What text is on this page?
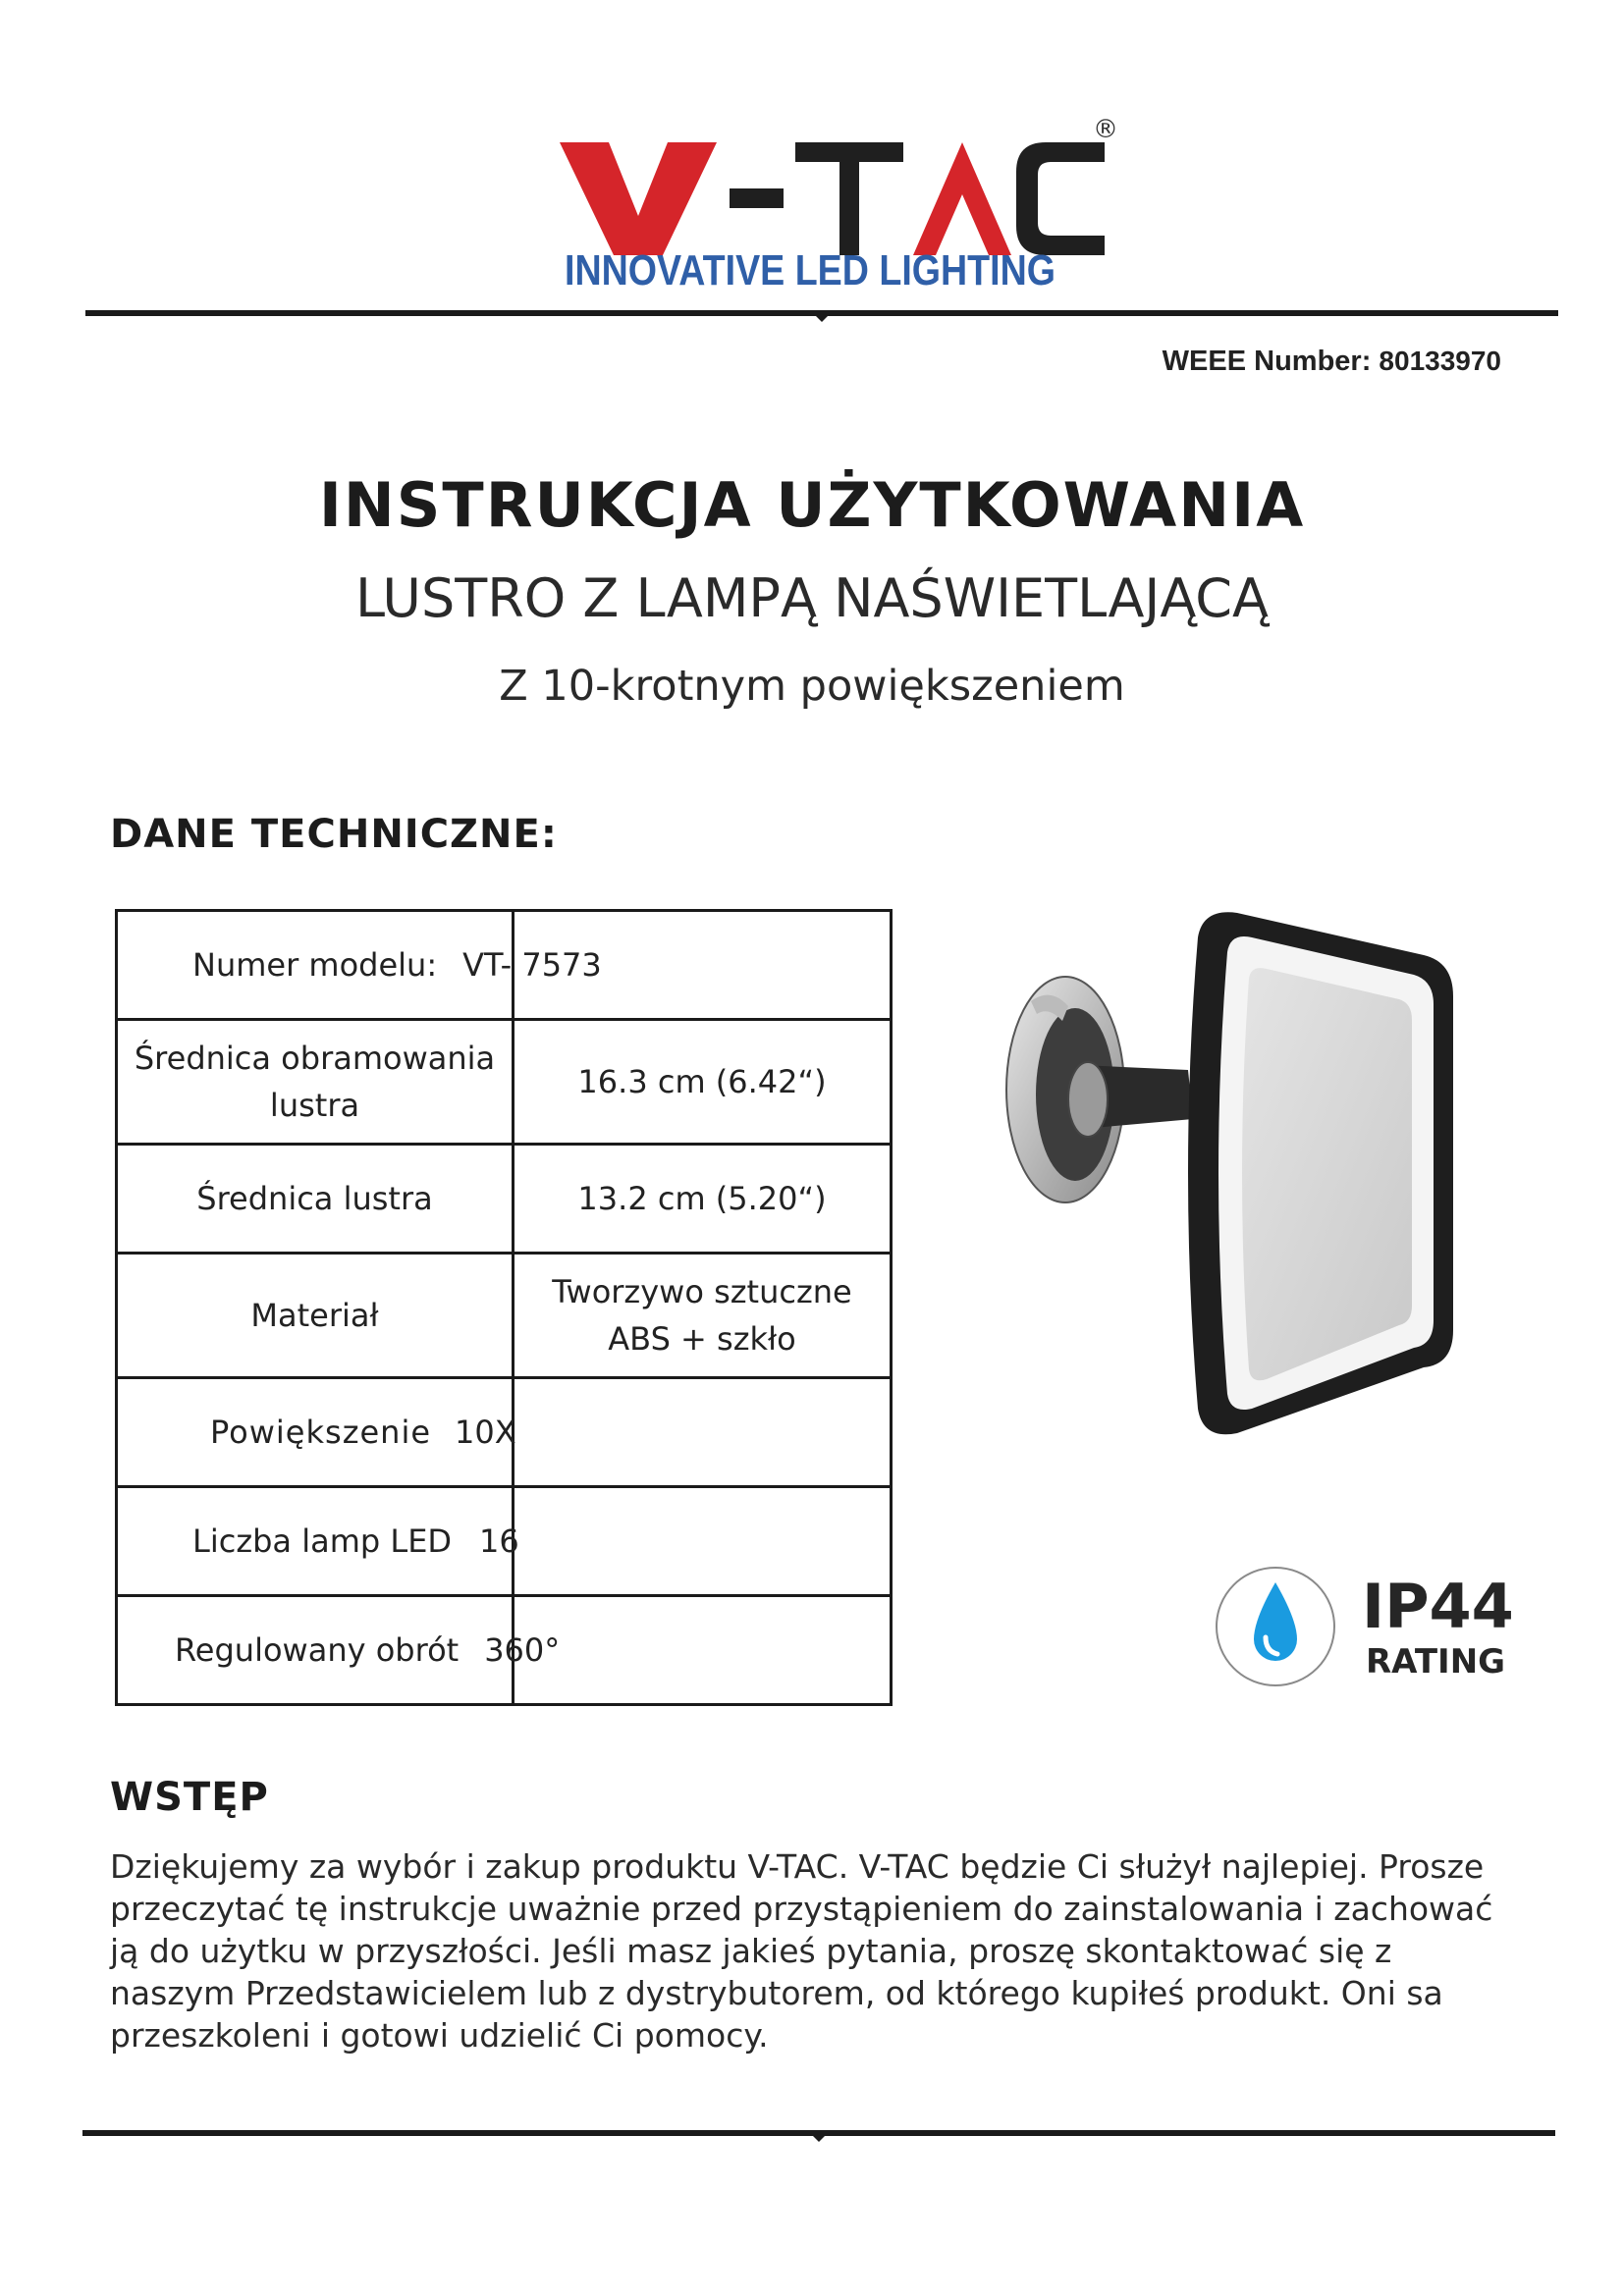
®
INNOVATIVE LED LIGHTING
WEEE Number: 80133970
INSTRUKCJA UŻYTKOWANIA
LUSTRO Z LAMPĄ NAŚWIETLAJĄCĄ
Z 10-krotnym powiększeniem
DANE TECHNICZNE:
Numer modelu: VT- 7573
Średnica obramowania
lustra
16.3 cm (6.42“)
Średnica lustra	13.2 cm (5.20“)
Materiał
Tworzywo sztuczne
ABS + szkło
Powiększenie 10X
Liczba lamp LED 16
Regulowany obrót 360°
IP44
RATING
WSTĘP

Dziękujemy za wybór i zakup produktu V-TAC. V-TAC będzie Ci służył najlepiej. Prosze przeczytać tę instrukcje uważnie przed przystąpieniem do zainstalowania i zachować ją do użytku w przyszłości. Jeśli masz jakieś pytania, proszę skontaktować się z naszym Przedstawicielem lub z dystrybutorem, od którego kupiłeś produkt. Oni sa przeszkoleni i gotowi udzielić Ci pomocy.
